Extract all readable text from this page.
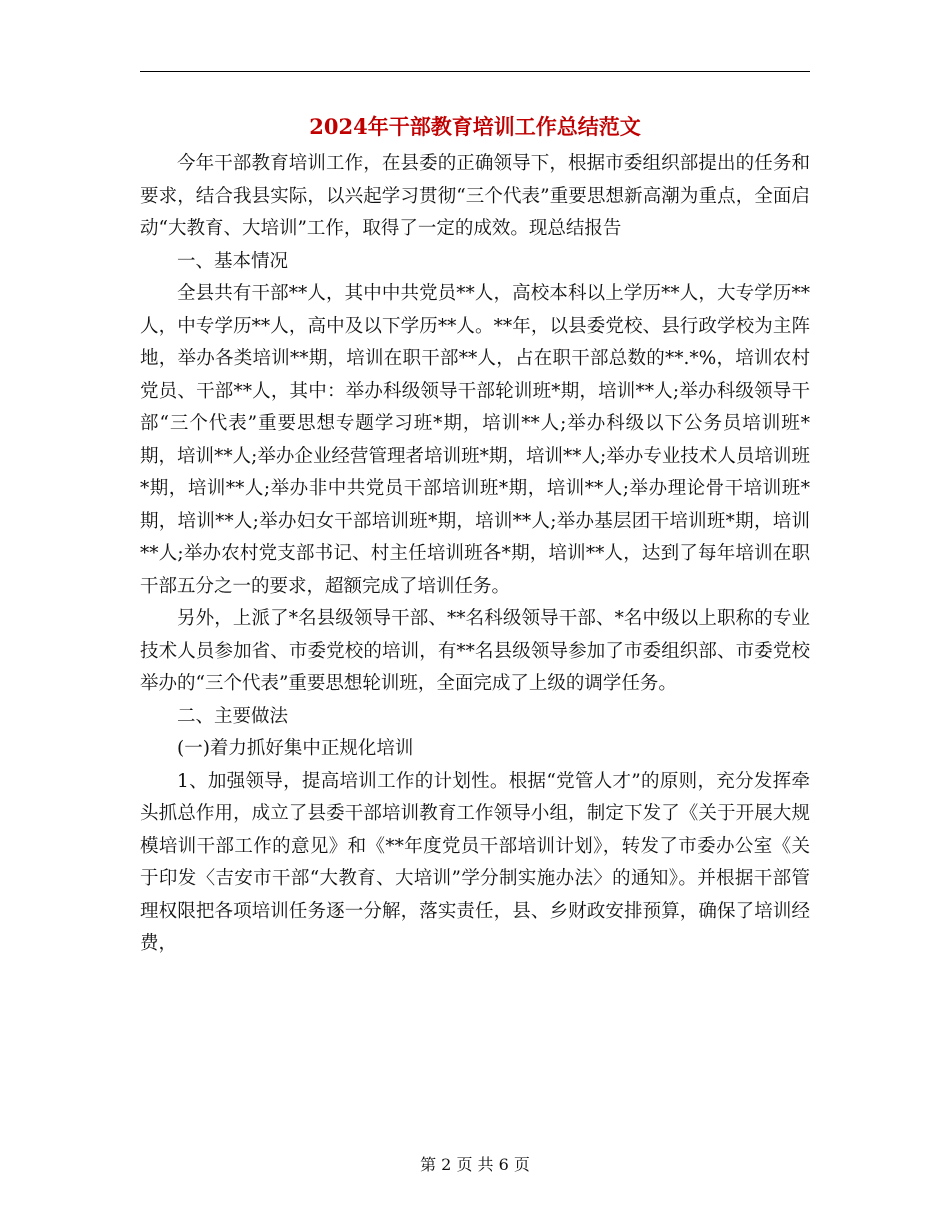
2024年干部教育培训工作总结范文

今年干部教育培训工作，在县委的正确领导下，根据市委组织部提出的任务和要求，结合我县实际，以兴起学习贯彻“三个代表”重要思想新高潮为重点，全面启动“大教育、大培训”工作，取得了一定的成效。现总结报告

一、基本情况

全县共有干部**人，其中中共党员**人，高校本科以上学历**人，大专学历**人，中专学历**人，高中及以下学历**人。**年，以县委党校、县行政学校为主阵地，举办各类培训**期，培训在职干部**人，占在职干部总数的**.*%，培训农村党员、干部**人，其中：举办科级领导干部轮训班*期，培训**人;举办科级领导干部“三个代表”重要思想专题学习班*期，培训**人;举办科级以下公务员培训班*期，培训**人;举办企业经营管理者培训班*期，培训**人;举办专业技术人员培训班*期，培训**人;举办非中共党员干部培训班*期，培训**人;举办理论骨干培训班*期，培训**人;举办妇女干部培训班*期，培训**人;举办基层团干培训班*期，培训**人;举办农村党支部书记、村主任培训班各*期，培训**人，达到了每年培训在职干部五分之一的要求，超额完成了培训任务。

另外，上派了*名县级领导干部、**名科级领导干部、*名中级以上职称的专业技术人员参加省、市委党校的培训，有**名县级领导参加了市委组织部、市委党校举办的“三个代表”重要思想轮训班，全面完成了上级的调学任务。

二、主要做法

(一)着力抓好集中正规化培训

1、加强领导，提高培训工作的计划性。根据“党管人才”的原则，充分发挥牵头抓总作用，成立了县委干部培训教育工作领导小组，制定下发了《关于开展大规模培训干部工作的意见》和《**年度党员干部培训计划》，转发了市委办公室《关于印发〈吉安市干部“大教育、大培训”学分制实施办法〉的通知》。并根据干部管理权限把各项培训任务逐一分解，落实责任，县、乡财政安排预算，确保了培训经费，

第 2 页 共 6 页
